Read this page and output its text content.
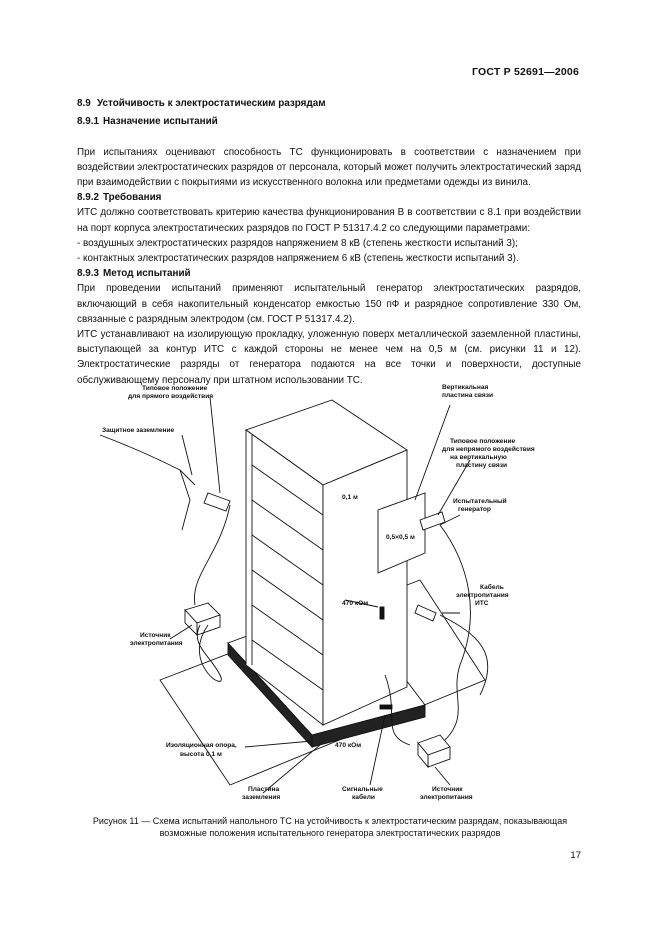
ГОСТ Р 52691—2006

8.9 Устойчивость к электростатическим разрядам

8.9.1 Назначение испытаний

При испытаниях оценивают способность ТС функционировать в соответствии с назначением при воздействии электростатических разрядов от персонала, который может получить электростатический заряд при взаимодействии с покрытиями из искусственного волокна или предметами одежды из винила.

8.9.2 Требования

ИТС должно соответствовать критерию качества функционирования В в соответствии с 8.1 при воздействии на порт корпуса электростатических разрядов по ГОСТ Р 51317.4.2 со следующими параметрами:

- воздушных электростатических разрядов напряжением 8 кВ (степень жесткости испытаний 3);

- контактных электростатических разрядов напряжением 6 кВ (степень жесткости испытаний 3).

8.9.3 Метод испытаний

При проведении испытаний применяют испытательный генератор электростатических разрядов, включающий в себя накопительный конденсатор емкостью 150 пФ и разрядное сопротивление 330 Ом, связанные с разрядным электродом (см. ГОСТ Р 51317.4.2).

ИТС устанавливают на изолирующую прокладку, уложенную поверх металлической заземленной пластины, выступающей за контур ИТС с каждой стороны не менее чем на 0,5 м (см. рисунки 11 и 12). Электростатические разряды от генератора подаются на все точки и поверхности, доступные обслуживающему персоналу при штатном использовании ТС.

Типовое положение
для прямого воздействия
Защитное заземление
Вертикальная
пластина связи
Типовое положение
для непрямого воздействия
на вертикальную
пластину связи
Испытательный
генератор
0,1 м
0,5×0,5 м
470 кОм
Кабель
электропитания
ИТС
Источник
электропитания
Изоляционная опора,
высота 0,1 м
470 кОм
Пластина
заземления
Сигнальные
кабели
Источник
электропитания
Рисунок 11 — Схема испытаний напольного ТС на устойчивость к электростатическим разрядам, показывающая
возможные положения испытательного генератора электростатических разрядов
17
